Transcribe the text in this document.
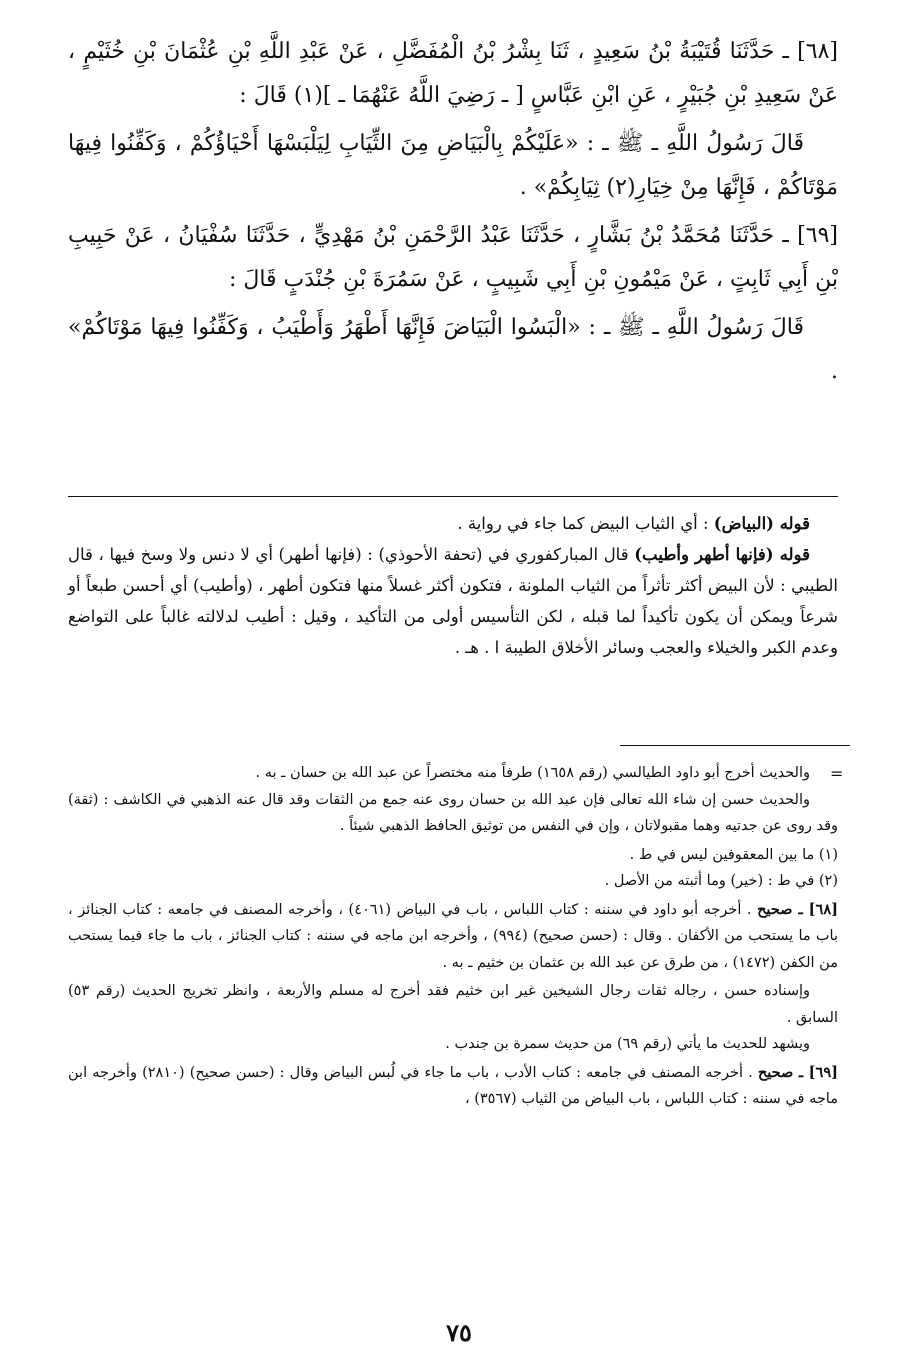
[٦٨] ـ حَدَّثَنَا قُتَيْبَةُ بْنُ سَعِيدٍ ، ثَنَا بِشْرُ بْنُ الْمُفَضَّلِ ، عَنْ عَبْدِ اللَّهِ بْنِ عُثْمَانَ بْنِ خُثَيْمٍ ، عَنْ سَعِيدِ بْنِ جُبَيْرٍ ، عَنِ ابْنِ عَبَّاسٍ [ ـ رَضِيَ اللَّهُ عَنْهُمَا ـ ](١) قَالَ :

قَالَ رَسُولُ اللَّهِ ـ ﷺ ـ : «عَلَيْكُمْ بِالْبَيَاضِ مِنَ الثِّيَابِ لِيَلْبَسْهَا أَحْيَاؤُكُمْ ، وَكَفِّنُوا فِيهَا مَوْتَاكُمْ ، فَإِنَّهَا مِنْ خِيَارِ(٢) ثِيَابِكُمْ» .

[٦٩] ـ حَدَّثَنَا مُحَمَّدُ بْنُ بَشَّارٍ ، حَدَّثَنَا عَبْدُ الرَّحْمَنِ بْنُ مَهْدِيٍّ ، حَدَّثَنَا سُفْيَانُ ، عَنْ حَبِيبِ بْنِ أَبِي ثَابِتٍ ، عَنْ مَيْمُونِ بْنِ أَبِي شَبِيبٍ ، عَنْ سَمُرَةَ بْنِ جُنْدَبٍ قَالَ :

قَالَ رَسُولُ اللَّهِ ـ ﷺ ـ : «الْبَسُوا الْبَيَاضَ فَإِنَّهَا أَطْهَرُ وَأَطْيَبُ ، وَكَفِّنُوا فِيهَا مَوْتَاكُمْ» .

قوله (البياض) : أي الثياب البيض كما جاء في رواية .

قوله (فإنها أطهر وأطيب) قال المباركفوري في (تحفة الأحوذي) : (فإنها أطهر) أي لا دنس ولا وسخ فيها ، قال الطيبي : لأن البيض أكثر تأثراً من الثياب الملونة ، فتكون أكثر غسلاً منها فتكون أطهر ، (وأطيب) أي أحسن طبعاً أو شرعاً ويمكن أن يكون تأكيداً لما قبله ، لكن التأسيس أولى من التأكيد ، وقيل : أطيب لدلالته غالباً على التواضع وعدم الكبر والخيلاء والعجب وسائر الأخلاق الطيبة ا . هـ .

=

والحديث أخرج أبو داود الطيالسي (رقم ١٦٥٨) طرفاً منه مختصراً عن عبد الله بن حسان ـ به .

والحديث حسن إن شاء الله تعالى فإن عبد الله بن حسان روى عنه جمع من الثقات وقد قال عنه الذهبي في الكاشف : (ثقة) وقد روى عن جدتيه وهما مقبولاتان ، وإن في النفس من توثيق الحافظ الذهبي شيئاً .

(١) ما بين المعقوفين ليس في ط .

(٢) في ط : (خير) وما أثبته من الأصل .

[٦٨] ـ صحيح . أخرجه أبو داود في سننه : كتاب اللباس ، باب في البياض (٤٠٦١) ، وأخرجه المصنف في جامعه : كتاب الجنائز ، باب ما يستحب من الأكفان . وقال : (حسن صحيح) (٩٩٤) ، وأخرجه ابن ماجه في سننه : كتاب الجنائز ، باب ما جاء فيما يستحب من الكفن (١٤٧٢) ، من طرق عن عبد الله بن عثمان بن خثيم ـ به .

وإسناده حسن ، رجاله ثقات رجال الشيخين غير ابن خثيم فقد أخرج له مسلم والأربعة ، وانظر تخريج الحديث (رقم ٥٣) السابق .

ويشهد للحديث ما يأتي (رقم ٦٩) من حديث سمرة بن جندب .

[٦٩] ـ صحيح . أخرجه المصنف في جامعه : كتاب الأدب ، باب ما جاء في لُبس البياض وقال : (حسن صحيح) (٢٨١٠) وأخرجه ابن ماجه في سننه : كتاب اللباس ، باب البياض من الثياب (٣٥٦٧) ،

٧٥
